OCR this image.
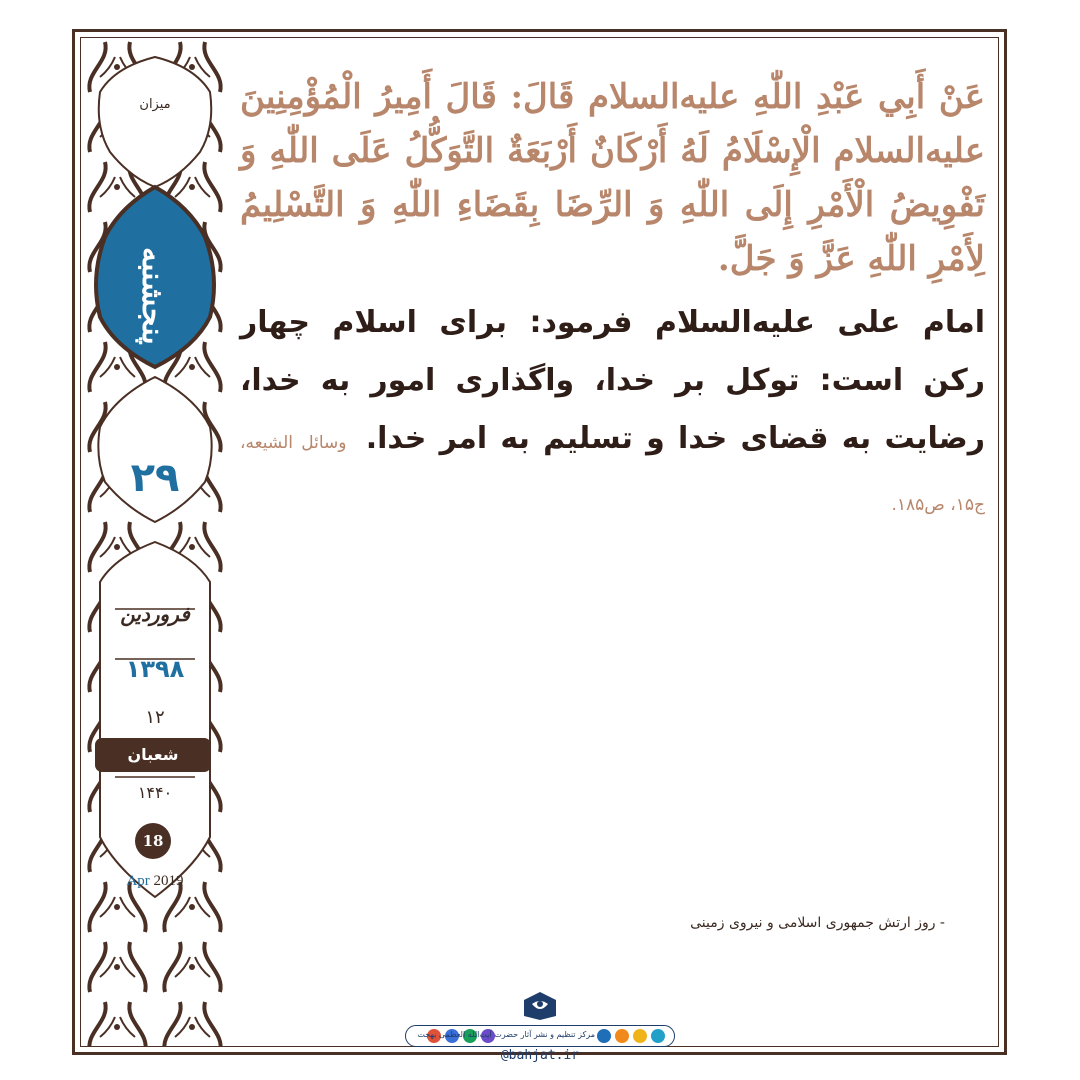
میزان
پنجشنبه
۲۹
فروردین
۱۳۹۸
۱۲
شعبان
۱۴۴۰
18
Apr 2019

عَنْ أَبِي عَبْدِ اللّٰهِ عليه‌السلام قَالَ: قَالَ أَمِيرُ الْمُؤْمِنِينَ عليه‌السلام الْإِسْلَامُ لَهُ أَرْكَانٌ أَرْبَعَةٌ التَّوَكُّلُ عَلَى اللّٰهِ وَ تَفْوِيضُ الْأَمْرِ إِلَى اللّٰهِ وَ الرِّضَا بِقَضَاءِ اللّٰهِ وَ التَّسْلِيمُ لِأَمْرِ اللّٰهِ عَزَّ وَ جَلَّ.

امام علی عليه‌السلام فرمود: برای اسلام چهار رکن است: توکل بر خدا، واگذاری امور به خدا، رضایت به قضای خدا و تسلیم به امر خدا. وسائل الشیعه، ج۱۵، ص۱۸۵.

- روز ارتش جمهوری اسلامی و نیروی زمینی
مرکز تنظیم و نشر آثار حضرت آیت‌الله العظمی بهجت
@bahjat.ir
